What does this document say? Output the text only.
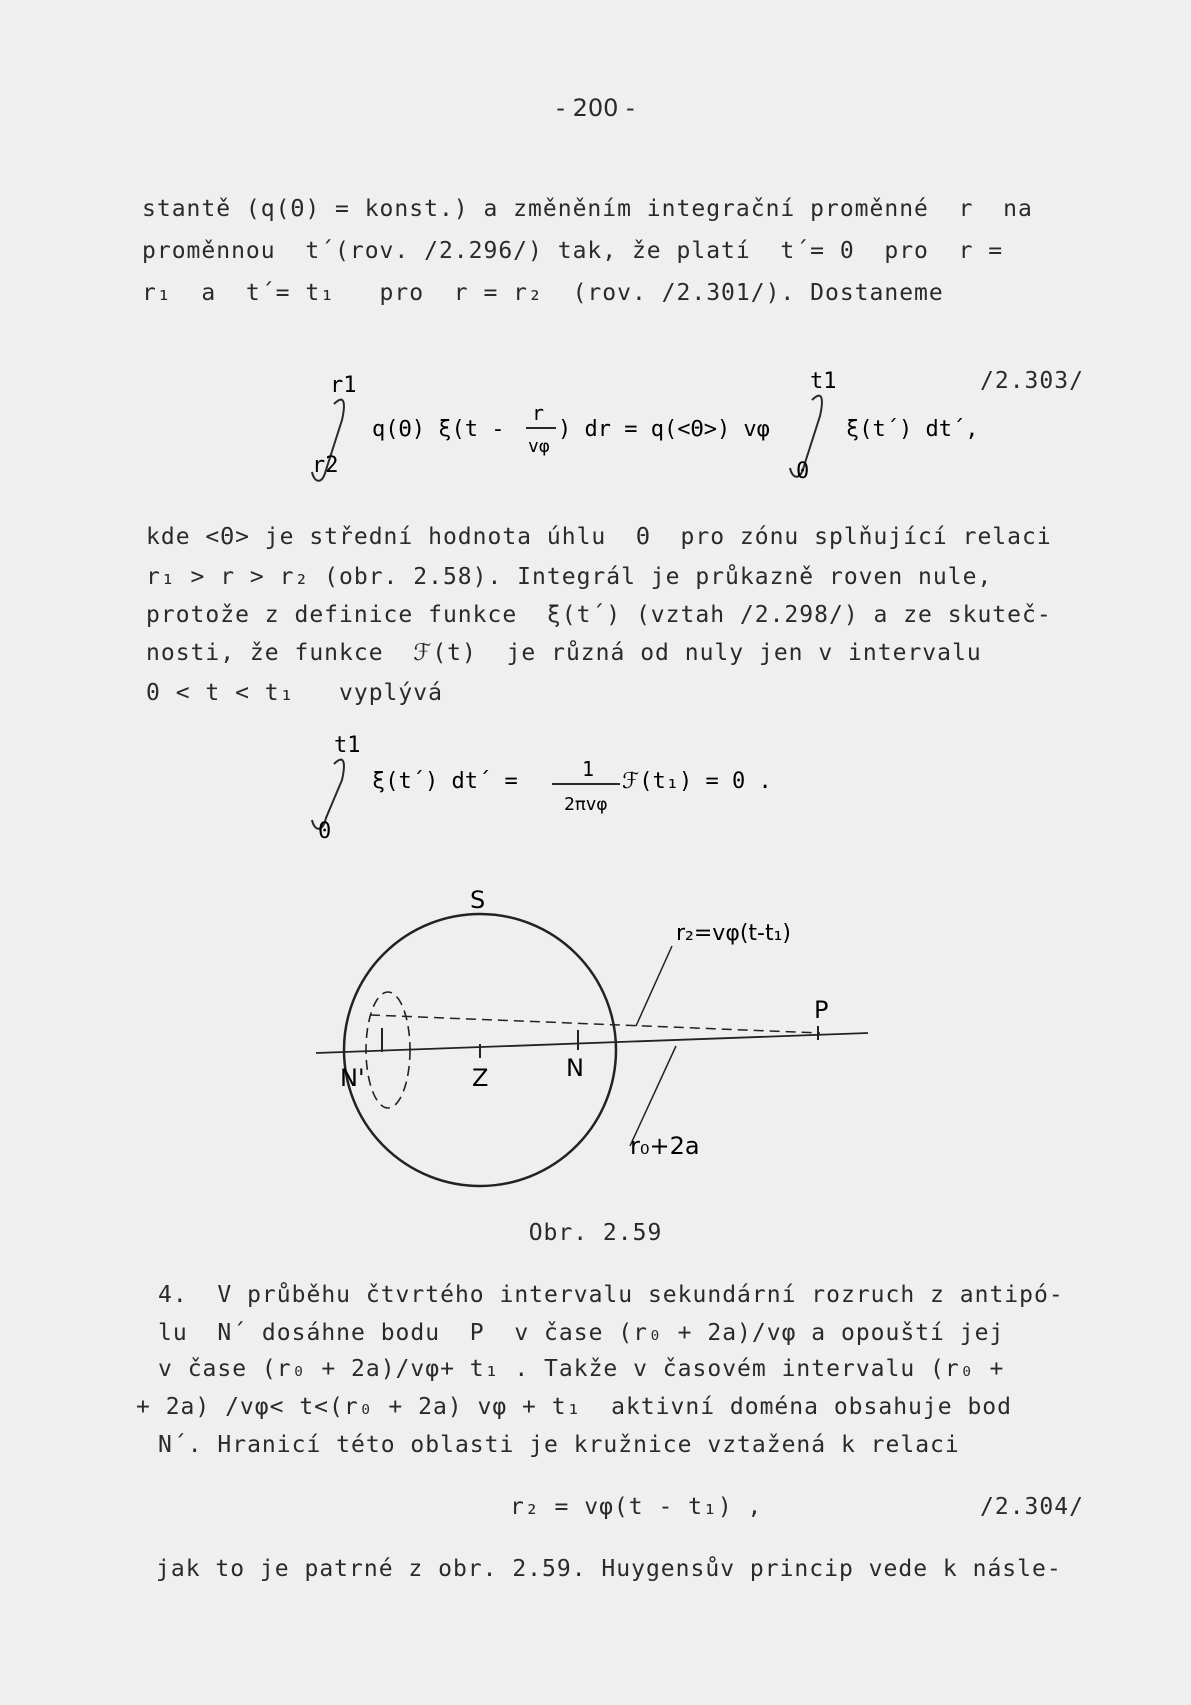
- 200 -
stantě (q(Θ) = konst.) a změněním integrační proměnné  r  na
proměnnou  t´(rov. /2.296/) tak, že platí  t´= 0  pro  r =
r₁  a  t´= t₁   pro  r = r₂  (rov. /2.301/). Dostaneme
r1
r2
q(Θ) ξ(t -
r
vφ
) dr = q(<Θ>) vφ
t1
0
ξ(t´) dt´,
/2.303/
kde <Θ> je střední hodnota úhlu  Θ  pro zónu splňující relaci
r₁ > r > r₂ (obr. 2.58). Integrál je průkazně roven nule,
protože z definice funkce  ξ(t´) (vztah /2.298/) a ze skuteč-
nosti, že funkce  ℱ(t)  je různá od nuly jen v intervalu
0 < t < t₁   vyplývá
t1
0
ξ(t´) dt´ =	1
2πvφ
ℱ(t₁) = 0 .
S
P
N'	Z	N
r₂=vφ(t-t₁)
r₀+2a
Obr. 2.59
4.  V průběhu čtvrtého intervalu sekundární rozruch z antipó-
lu  N´ dosáhne bodu  P  v čase (r₀ + 2a)/vφ a opouští jej
v čase (r₀ + 2a)/vφ+ t₁ . Takže v časovém intervalu (r₀ +
+ 2a) /vφ< t<(r₀ + 2a) vφ + t₁  aktivní doména obsahuje bod
N´. Hranicí této oblasti je kružnice vztažená k relaci
r₂ = vφ(t - t₁) ,	/2.304/
jak to je patrné z obr. 2.59. Huygensův princip vede k násle-
